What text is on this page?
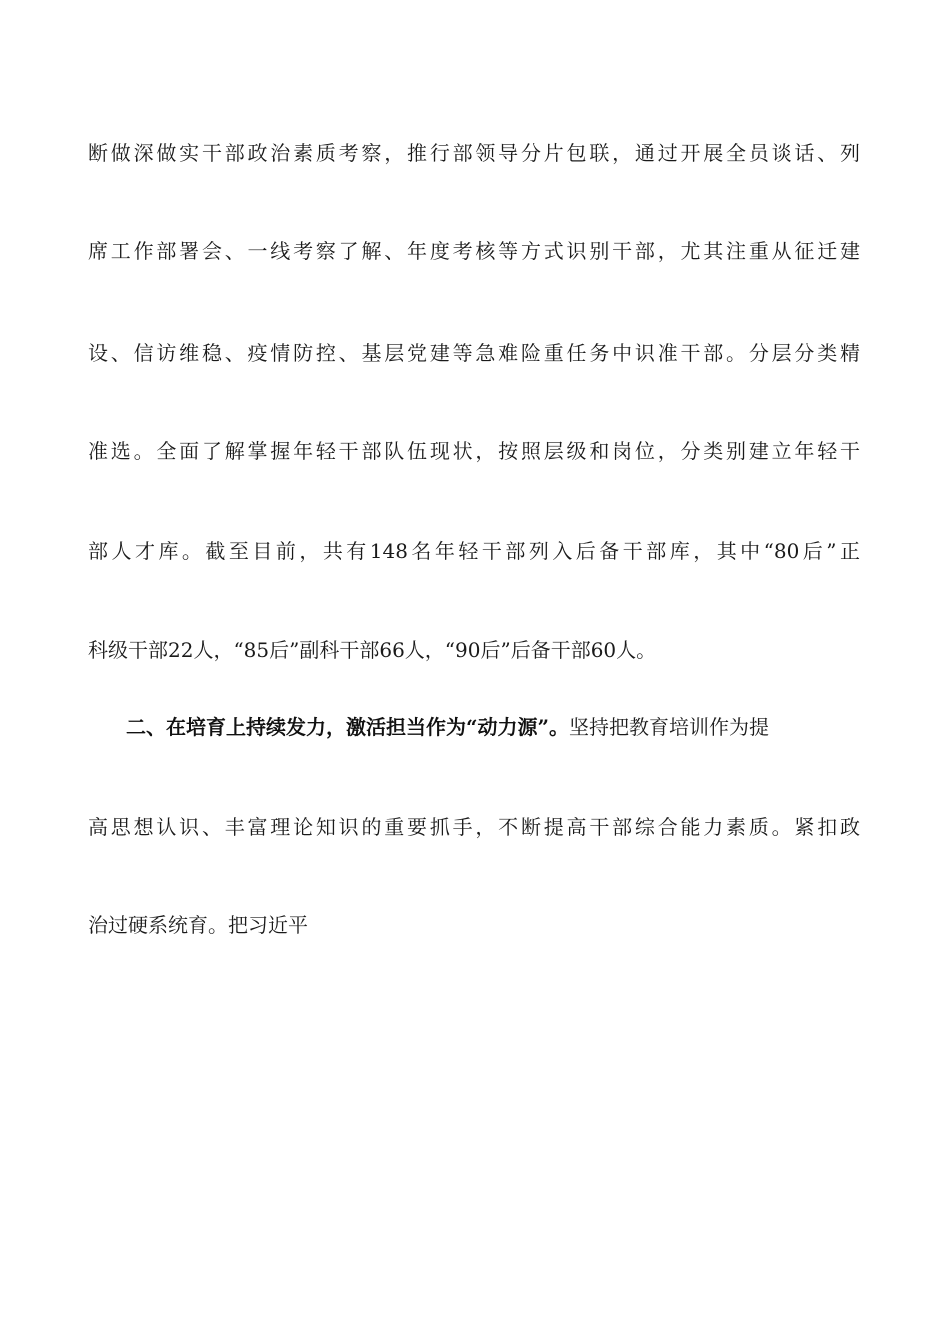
断做深做实干部政治素质考察，推行部领导分片包联，通过开展全员谈话、列
席工作部署会、一线考察了解、年度考核等方式识别干部，尤其注重从征迁建
设、信访维稳、疫情防控、基层党建等急难险重任务中识准干部。分层分类精
准选。全面了解掌握年轻干部队伍现状，按照层级和岗位，分类别建立年轻干
部人才库。截至目前，共有148名年轻干部列入后备干部库，其中“80后”正
科级干部22人，“85后”副科干部66人，“90后”后备干部60人。
二、在培育上持续发力，激活担当作为“动力源”。坚持把教育培训作为提
高思想认识、丰富理论知识的重要抓手，不断提高干部综合能力素质。紧扣政
治过硬系统育。把习近平
